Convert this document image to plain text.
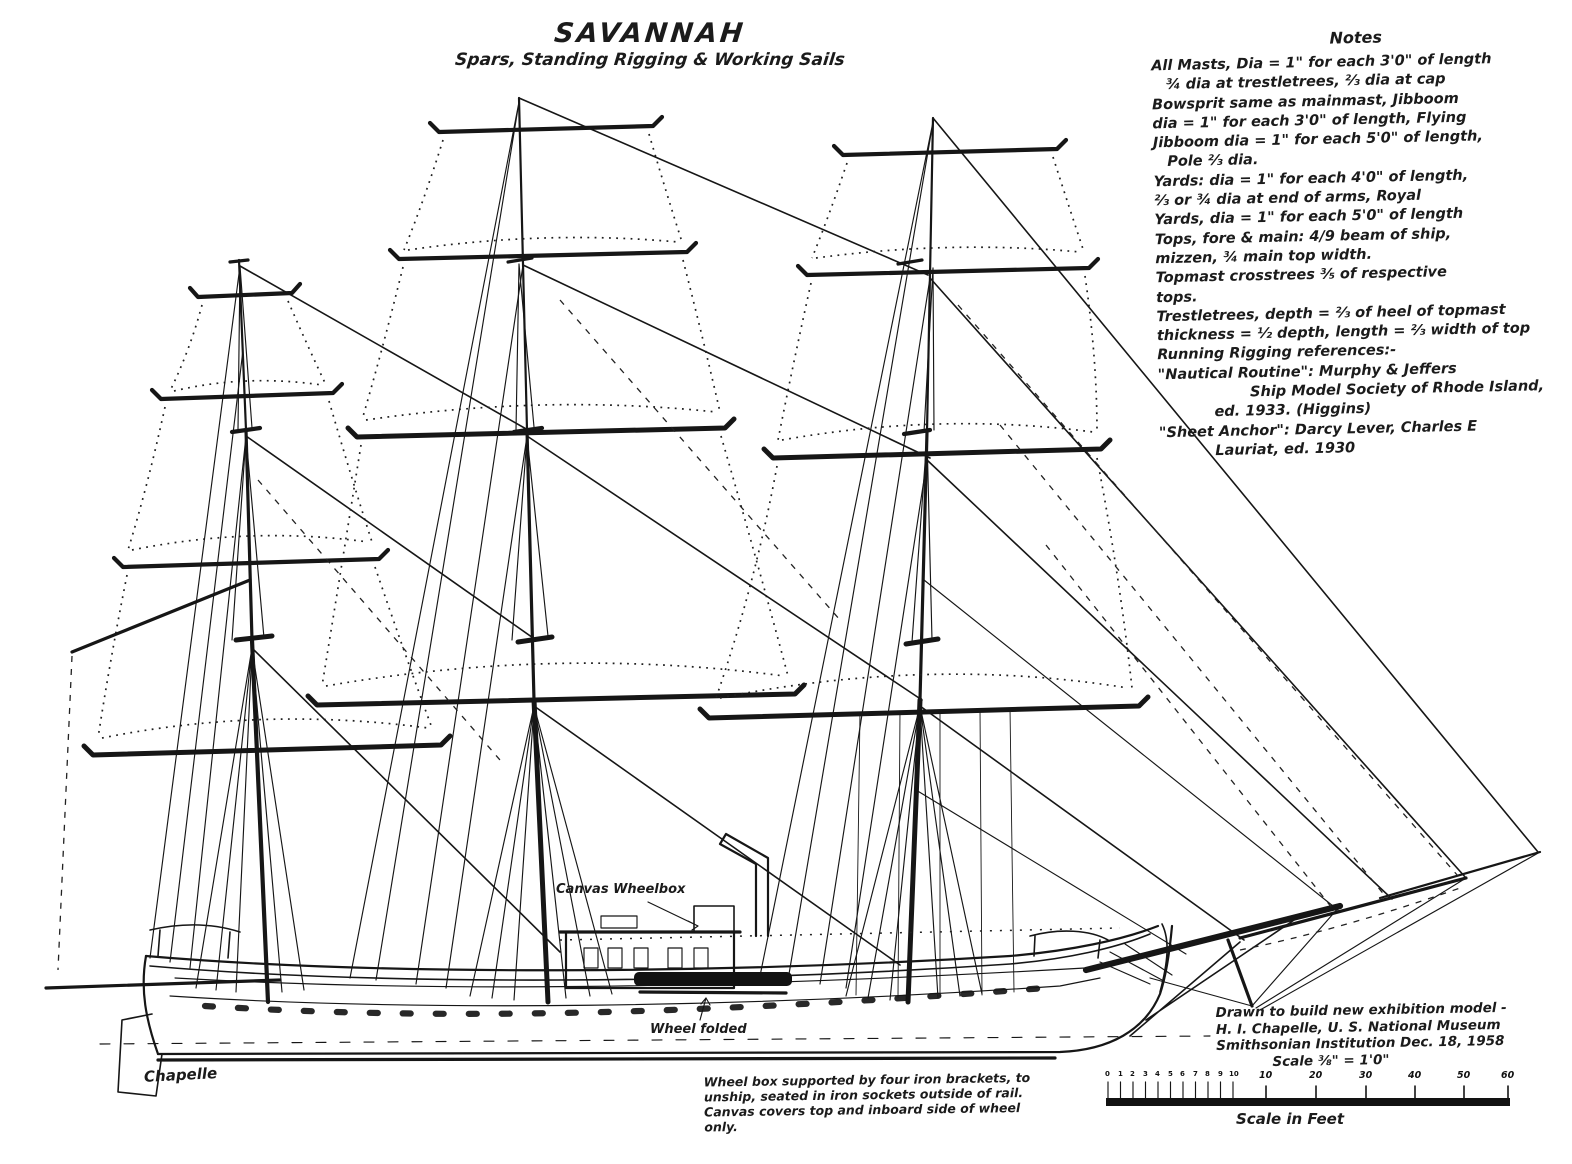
SAVANNAH
Spars, Standing Rigging & Working Sails
Notes
All Masts, Dia = 1" for each 3'0" of length
¾ dia at trestletrees, ⅔ dia at cap
Bowsprit same as mainmast, Jibboom
dia = 1" for each 3'0" of length, Flying
Jibboom dia = 1" for each 5'0" of length,
Pole ⅔ dia.
Yards: dia = 1" for each 4'0" of length,
⅔ or ¾ dia at end of arms, Royal
Yards, dia = 1" for each 5'0" of length
Tops, fore & main: 4/9 beam of ship,
mizzen, ¾ main top width.
Topmast crosstrees ⅗ of respective
tops.
Trestletrees, depth = ⅔ of heel of topmast
thickness = ½ depth, length = ⅔ width of top
Running Rigging references:-
"Nautical Routine": Murphy & Jeffers
Ship Model Society of Rhode Island,
ed. 1933. (Higgins)
"Sheet Anchor": Darcy Lever, Charles E
Lauriat, ed. 1930
Drawn to build new exhibition model -
H. I. Chapelle, U. S. National Museum
Smithsonian Institution Dec. 18, 1958
Scale ⅜" = 1'0"
Wheel box supported by four iron brackets, to
unship, seated in iron sockets outside of rail.
Canvas covers top and inboard side of wheel
only.
Canvas Wheelbox
Wheel folded
Chapelle	0 1 2 3 4 5 6 7 8 9 10 10	20	30	40	50	60
Scale in Feet
